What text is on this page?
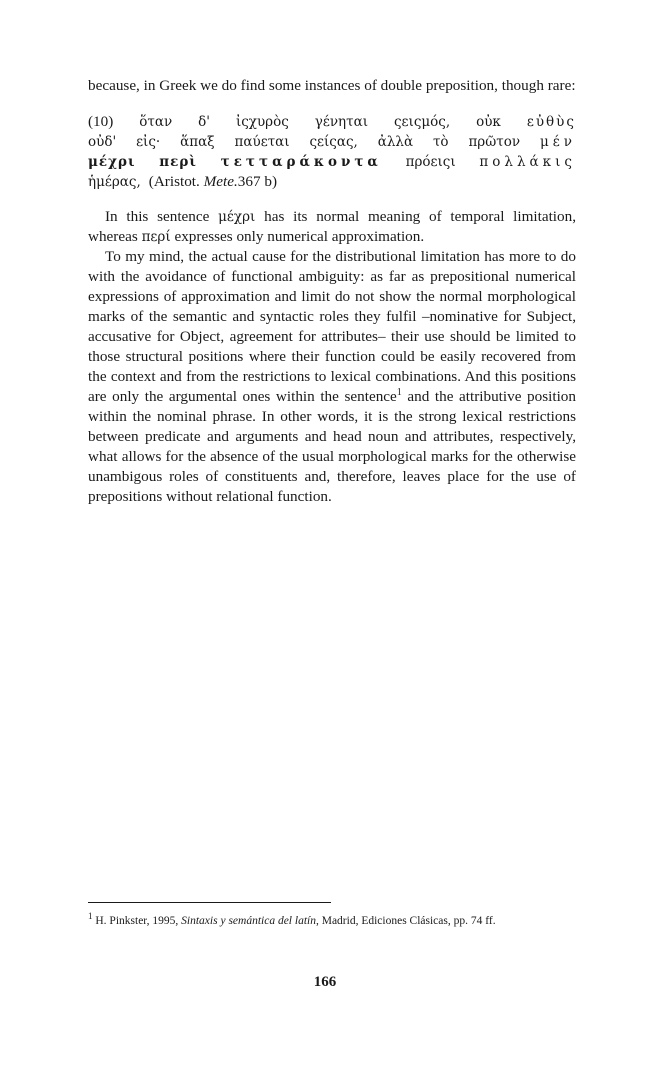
because, in Greek we do find some instances of double preposition, though rare:

(10) ὅταν δ' ἰςχυρὸς γένηται ςειςμός, οὐκ εὐθὺς
οὐδ' εἰς· ἅπαξ παύεται ςείςας, ἀλλὰ τὸ πρῶτον μέν
μέχρι περὶ τετταράκοντα πρόειςι πολλάκις
ἡμέρας, (Aristot. Mete.367 b)

In this sentence μέχρι has its normal meaning of temporal limitation, whereas περί expresses only numerical approximation.

To my mind, the actual cause for the distributional limitation has more to do with the avoidance of functional ambiguity: as far as prepositional numerical expressions of approximation and limit do not show the normal morphological marks of the semantic and syntactic roles they fulfil –nominative for Subject, accusative for Object, agreement for attributes– their use should be limited to those structural positions where their function could be easily recovered from the context and from the restrictions to lexical combinations. And this positions are only the argumental ones within the sentence$^1$ and the attributive position within the nominal phrase. In other words, it is the strong lexical restrictions between predicate and arguments and head noun and attributes, respectively, what allows for the absence of the usual morphological marks for the otherwise unambigous roles of constituents and, therefore, leaves place for the use of prepositions without relational function.

$^1$ H. Pinkster, 1995, Sintaxis y semántica del latín, Madrid, Ediciones Clásicas, pp. 74 ff.
166
